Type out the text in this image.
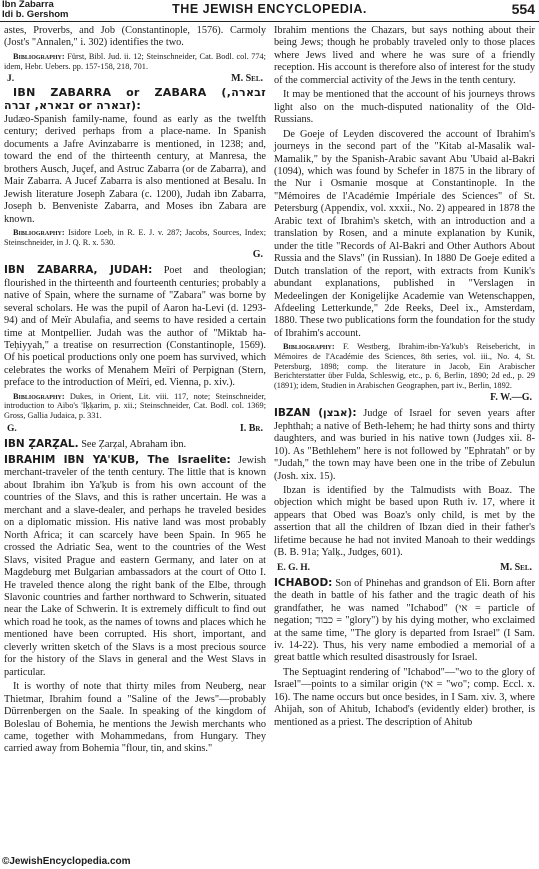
Ibn Zabarra
Idi b. Gershom	THE JEWISH ENCYCLOPEDIA.	554

astes, Proverbs, and Job (Constantinople, 1576). Carmoly (Jost's "Annalen," i. 302) identifies the two.

Bibliography: Fürst, Bibl. Jud. ii. 12; Steinschneider, Cat. Bodl. col. 774; idem, Hebr. Uebers. pp. 157-158, 218, 701.

J.	M. Sel.

IBN ZABARRA or ZABARA (זבארה, זבארא, זברה or זבארה):

Judæo-Spanish family-name, found as early as the twelfth century; derived perhaps from a place-name. In Spanish documents a Jafre Avinzabarre is mentioned, in 1238; and, toward the end of the thirteenth century, at Manresa, the brothers Ausch, Juçef, and Astruc Zabarra (or de Zabarra), and Mair Zabarra. A Jucef Zabarra is also mentioned at Besalu. In Jewish literature Joseph Zabara (c. 1200), Judah ibn Zabarra, Joseph b. Benveniste Zabarra, and Moses ibn Zabara are known.

Bibliography: Isidore Loeb, in R. E. J. v. 287; Jacobs, Sources, Index; Steinschneider, in J. Q. R. x. 530.

G.

IBN ZABARRA, JUDAH: Poet and theologian; flourished in the thirteenth and fourteenth centuries; probably a native of Spain, where the surname of "Zabara" was borne by several scholars. He was the pupil of Aaron ha-Levi (d. 1293-94) and of Meïr Abulafia, and seems to have resided a certain time at Montpellier. Judah was the author of "Miktab ha-Teḥiyyah," a treatise on resurrection (Constantinople, 1569). Of his poetical productions only one poem has survived, which celebrates the works of Menahem Meïri of Perpignan (Stern, preface to the introduction of Meïri, ed. Vienna, p. xiv.).

Bibliography: Dukes, in Orient, Lit. viii. 117, note; Steinschneider, introduction to Aibo's 'Iḳḳarim, p. xii.; Steinschneider, Cat. Bodl. col. 1369; Gross, Gallia Judaica, p. 331.

G.	I. Br.

IBN ẒARẒAL. See Ẓarẓal, Abraham ibn.

IBRAHIM IBN YA'KUB, The Israelite: Jewish merchant-traveler of the tenth century. The little that is known about Ibrahim ibn Ya'ḳub is from his own account of the countries of the Slavs, and this is rather uncertain. He was a merchant and a slave-dealer, and perhaps he traveled besides on a diplomatic mission. His native land was most probably North Africa; it can scarcely have been Spain. In 965 he crossed the Adriatic Sea, went to the countries of the West Slavs, visited Prague and eastern Germany, and later on at Magdeburg met Bulgarian ambassadors at the court of Otto I. He traveled thence along the right bank of the Elbe, through Slavonic countries and farther northward to Schwerin, situated near the Lake of Schwerin. It is extremely difficult to find out which road he took, as the names of towns and places which he mentioned have been corrupted. His short, important, and cleverly written sketch of the Slavs is a most precious source for the history of the Slavs in general and the West Slavs in particular.

It is worthy of note that thirty miles from Neuberg, near Thietmar, Ibrahim found a "Saline of the Jews"—probably Dürrenbergen on the Saale. In speaking of the kingdom of Boleslau of Bohemia, he mentions the Jewish merchants who came, together with Mohammedans, from Hungary. They carried away from Bohemia "flour, tin, and skins."

Ibrahim mentions the Chazars, but says nothing about their being Jews; though he probably traveled only to those places where Jews lived and where he was sure of a friendly reception. His account is therefore also of interest for the study of the commercial activity of the Jews in the tenth century.

It may be mentioned that the account of his journeys throws light also on the much-disputed nationality of the Old-Russians.

De Goeje of Leyden discovered the account of Ibrahim's journeys in the second part of the "Kitab al-Masalik wal-Mamalik," by the Spanish-Arabic savant Abu 'Ubaid al-Bakri (1094), which was found by Schefer in 1875 in the library of the Nur i Osmanie mosque at Constantinople. In the "Mémoires de l'Académie Impériale des Sciences" of St. Petersburg (Appendix, vol. xxxii., No. 2) appeared in 1878 the Arabic text of Ibrahim's sketch, with an introduction and a translation by Rosen, and a minute explanation by Kunik, under the title "Records of Al-Bakri and Other Authors About Russia and the Slavs" (in Russian). In 1880 De Goeje edited a Dutch translation of the report, with extracts from Kunik's abundant explanations, published in "Verslagen in Medeelingen der Konigelijke Academie van Wetenschappen, Afdeeling Letterkunde," 2de Reeks, Deel ix., Amsterdam, 1880. These two publications form the foundation for the study of Ibrahim's account.

Bibliography: F. Westberg, Ibrahim-ibn-Ya'kub's Reisebericht, in Mémoires de l'Académie des Sciences, 8th series, vol. iii., No. 4, St. Petersburg, 1898; comp. the literature in Jacob, Ein Arabischer Berichterstatter über Fulda, Schleswig, etc., p. 6, Berlin, 1890; 2d ed., p. 29 (1891); idem, Studien in Arabischen Geographen, part iv., Berlin, 1892.

F. W.—G.

IBZAN (אבצן): Judge of Israel for seven years after Jephthah; a native of Beth-lehem; he had thirty sons and thirty daughters, and was buried in his native town (Judges xii. 8-10). As "Bethlehem" here is not followed by "Ephratah" or by "Judah," the town may have been one in the tribe of Zebulun (Josh. xix. 15).

Ibzan is identified by the Talmudists with Boaz. The objection which might be based upon Ruth iv. 17, where it appears that Obed was Boaz's only child, is met by the assertion that all the children of Ibzan died in their father's lifetime because he had not invited Manoah to their weddings (B. B. 91a; Yalḳ., Judges, 601).

E. G. H.	M. Sel.

ICHABOD: Son of Phinehas and grandson of Eli. Born after the death in battle of his father and the tragic death of his grandfather, he was named "Ichabod" (אי = particle of negation; כבוד = "glory") by his dying mother, who exclaimed at the same time, "The glory is departed from Israel" (I Sam. iv. 14-22). Thus, his very name embodied a memorial of a great battle which resulted disastrously for Israel.

The Septuagint rendering of "Ichabod"—"wo to the glory of Israel"—points to a similar origin (אי = "wo"; comp. Eccl. x. 16). The name occurs but once besides, in I Sam. xiv. 3, where Ahijah, son of Ahitub, Ichabod's (evidently elder) brother, is mentioned as a priest. The description of Ahitub

©JewishEncyclopedia.com
